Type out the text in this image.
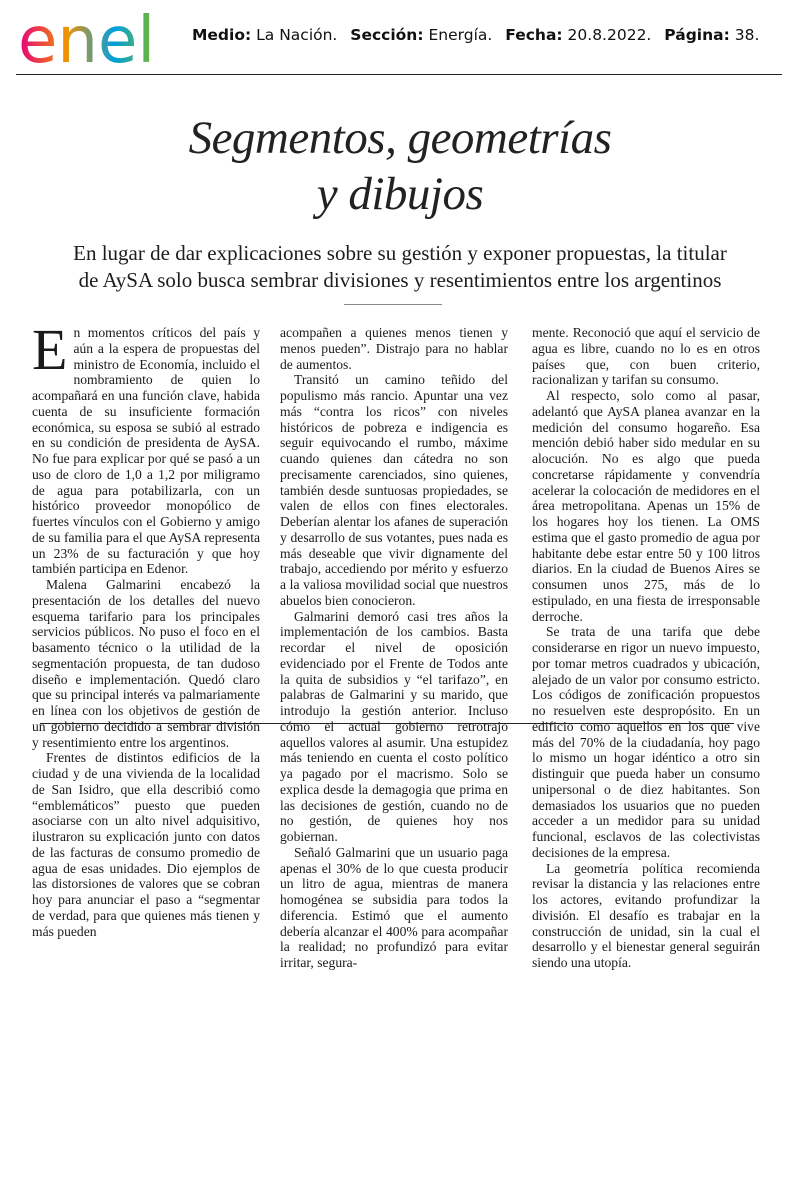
enel Medio: La Nación. Sección: Energía. Fecha: 20.8.2022. Página: 38.
Segmentos, geometrías
y dibujos
En lugar de dar explicaciones sobre su gestión y exponer propuestas, la titular
de AySA solo busca sembrar divisiones y resentimientos entre los argentinos

En momentos críticos del país y aún a la espera de propuestas del ministro de Economía, incluido el nombramiento de quien lo acompañará en una función clave, habida cuenta de su insuficiente formación económica, su esposa se subió al estrado en su condición de presidenta de AySA. No fue para explicar por qué se pasó a un uso de cloro de 1,0 a 1,2 por miligramo de agua para potabilizarla, con un histórico proveedor monopólico de fuertes vínculos con el Gobierno y amigo de su familia para el que AySA representa un 23% de su facturación y que hoy también participa en Edenor.

Malena Galmarini encabezó la presentación de los detalles del nuevo esquema tarifario para los principales servicios públicos. No puso el foco en el basamento técnico o la utilidad de la segmentación propuesta, de tan dudoso diseño e implementación. Quedó claro que su principal interés va palmariamente en línea con los objetivos de gestión de un gobierno decidido a sembrar división y resentimiento entre los argentinos.

Frentes de distintos edificios de la ciudad y de una vivienda de la localidad de San Isidro, que ella describió como “emblemáticos” puesto que pueden asociarse con un alto nivel adquisitivo, ilustraron su explicación junto con datos de las facturas de consumo promedio de agua de esas unidades. Dio ejemplos de las distorsiones de valores que se cobran hoy para anunciar el paso a “segmentar de verdad, para que quienes más tienen y más pueden

acompañen a quienes menos tienen y menos pueden”. Distrajo para no hablar de aumentos.

Transitó un camino teñido del populismo más rancio. Apuntar una vez más “contra los ricos” con niveles históricos de pobreza e indigencia es seguir equivocando el rumbo, máxime cuando quienes dan cátedra no son precisamente carenciados, sino quienes, también desde suntuosas propiedades, se valen de ellos con fines electorales. Deberían alentar los afanes de superación y desarrollo de sus votantes, pues nada es más deseable que vivir dignamente del trabajo, accediendo por mérito y esfuerzo a la valiosa movilidad social que nuestros abuelos bien conocieron.

Galmarini demoró casi tres años la implementación de los cambios. Basta recordar el nivel de oposición evidenciado por el Frente de Todos ante la quita de subsidios y “el tarifazo”, en palabras de Galmarini y su marido, que introdujo la gestión anterior. Incluso cómo el actual gobierno retrotrajo aquellos valores al asumir. Una estupidez más teniendo en cuenta el costo político ya pagado por el macrismo. Solo se explica desde la demagogia que prima en las decisiones de gestión, cuando no de no gestión, de quienes hoy nos gobiernan.

Señaló Galmarini que un usuario paga apenas el 30% de lo que cuesta producir un litro de agua, mientras de manera homogénea se subsidia para todos la diferencia. Estimó que el aumento debería alcanzar el 400% para acompañar la realidad; no profundizó para evitar irritar, segura-

mente. Reconoció que aquí el servicio de agua es libre, cuando no lo es en otros países que, con buen criterio, racionalizan y tarifan su consumo.

Al respecto, solo como al pasar, adelantó que AySA planea avanzar en la medición del consumo hogareño. Esa mención debió haber sido medular en su alocución. No es algo que pueda concretarse rápidamente y convendría acelerar la colocación de medidores en el área metropolitana. Apenas un 15% de los hogares hoy los tienen. La OMS estima que el gasto promedio de agua por habitante debe estar entre 50 y 100 litros diarios. En la ciudad de Buenos Aires se consumen unos 275, más de lo estipulado, en una fiesta de irresponsable derroche.

Se trata de una tarifa que debe considerarse en rigor un nuevo impuesto, por tomar metros cuadrados y ubicación, alejado de un valor por consumo estricto. Los códigos de zonificación propuestos no resuelven este despropósito. En un edificio como aquellos en los que vive más del 70% de la ciudadanía, hoy pago lo mismo un hogar idéntico a otro sin distinguir que pueda haber un consumo unipersonal o de diez habitantes. Son demasiados los usuarios que no pueden acceder a un medidor para su unidad funcional, esclavos de las colectivistas decisiones de la empresa.

La geometría política recomienda revisar la distancia y las relaciones entre los actores, evitando profundizar la división. El desafío es trabajar en la construcción de unidad, sin la cual el desarrollo y el bienestar general seguirán siendo una utopía.
